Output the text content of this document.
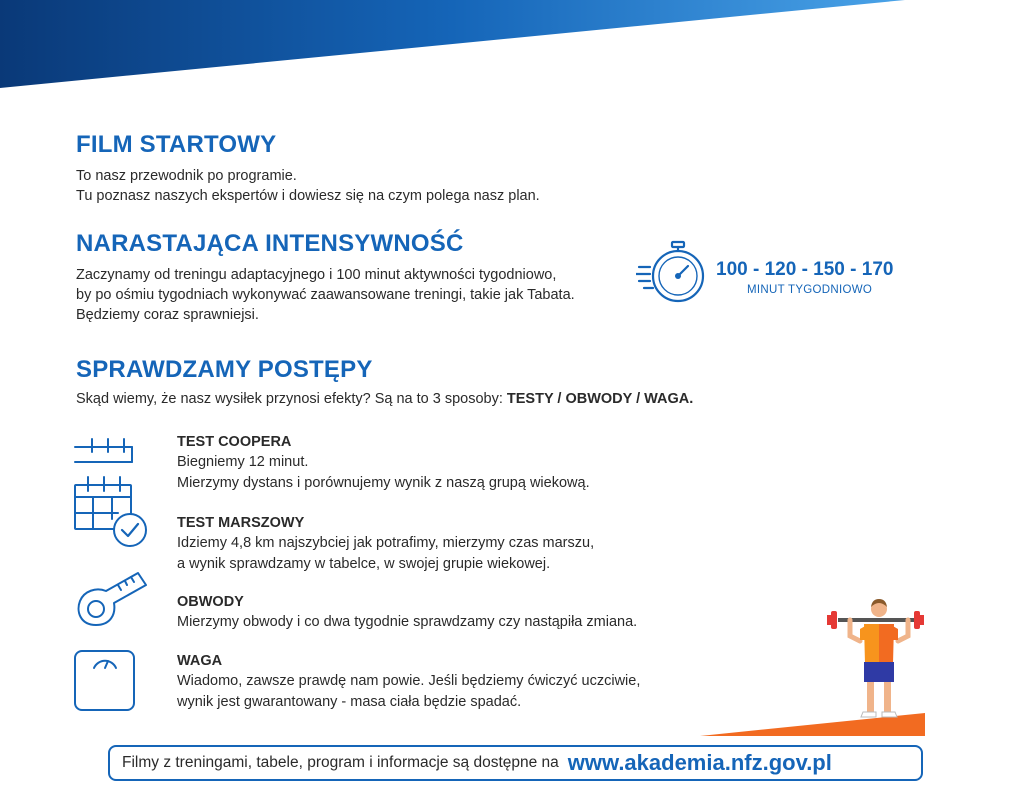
FILM STARTOWY

To nasz przewodnik po programie.
Tu poznasz naszych ekspertów i dowiesz się na czym polega nasz plan.

NARASTAJĄCA INTENSYWNOŚĆ

Zaczynamy od treningu adaptacyjnego i 100 minut aktywności tygodniowo,
by po ośmiu tygodniach wykonywać zaawansowane treningi, takie jak Tabata.
Będziemy coraz sprawniejsi.

100 - 120 - 150 - 170
MINUT TYGODNIOWO
SPRAWDZAMY POSTĘPY

Skąd wiemy, że nasz wysiłek przynosi efekty? Są na to 3 sposoby: TESTY / OBWODY / WAGA.

TEST COOPERA
Biegniemy 12 minut.
Mierzymy dystans i porównujemy wynik z naszą grupą wiekową.
TEST MARSZOWY
Idziemy 4,8 km najszybciej jak potrafimy, mierzymy czas marszu,
a wynik sprawdzamy w tabelce, w swojej grupie wiekowej.
OBWODY
Mierzymy obwody i co dwa tygodnie sprawdzamy czy nastąpiła zmiana.
WAGA
Wiadomo, zawsze prawdę nam powie. Jeśli będziemy ćwiczyć uczciwie,
wynik jest gwarantowany - masa ciała będzie spadać.
Filmy z treningami, tabele, program i informacje są dostępne na www.akademia.nfz.gov.pl
